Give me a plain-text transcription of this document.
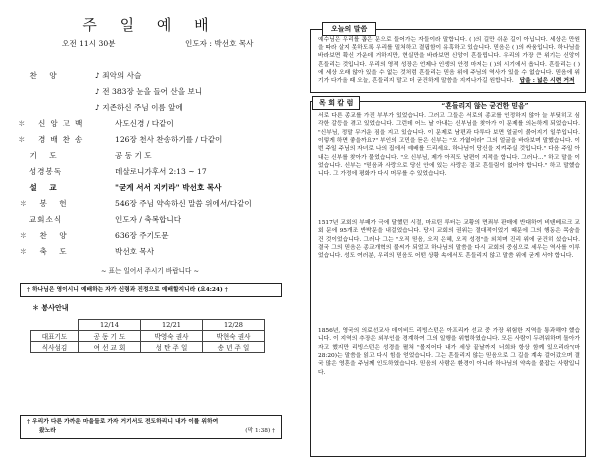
주 일 예 배
오전 11시 30분	인도자 : 박선호 목사
찬 양	♪ 죄악의 사슬
♪ 전 383장 눈을 들어 산을 보니
♪ 지존하신 주님 이름 앞에
✽ 신앙고백	사도신경 / 다같이
✽ 경배찬송	126장 천사 찬송하기를 / 다같이
기 도	공 동 기 도
성경봉독	데살로니가후서 2:13 ~ 17
설 교	"굳게 서서 지키라" 박선호 목사
✽ 봉 헌	546장 주님 약속하신 말씀 위에서/다같이
교회소식	인도자 / 축복합니다
✽ 찬 양	636장 주기도문
✽ 축 도	박선호 목사
~ 표는 일어서 주시기 바랍니다 ~
† 하나님은 영이시니 예배하는 자가 신령과 진정으로 예배할지니라 (요4:24) †
✽ 봉사안내
	12/14	12/21	12/28
대표기도	공 동 기 도	박영숙 권사	박현숙 권사
식사섬김	여 선 교 회	성 탄 주 일	송 년 주 일
† 우리가 다른 가까운 마을들로 가자 거기서도 전도하리니 내가 이를 위하여
왔노라	(막 1:38) †
오늘의 말씀
예수님은 우리를 좁은 문으로 들어가는 자들이라 말합니다. ( )의 길만 쉬운 길이 아닙니다. 세상은 만원을 따라 살지 못하도록 우리를 밀쳐하고 결핍함이 유혹하고 있습니다. 믿음은 ( )의 싸움입니다. 하나님을 바라보면 확신 가운데 거하지만, 현실만을 바라보면 신앙이 흔들립니다. 우리의 가장 큰 위기는 신앙이 흔들리는 것입니다. 우리의 영적 성장은 언제나 인생의 안정 마저는 ( )의 시기에서 옵니다. 흔들리는 ( )에 세상 오래 않아 있을 수 없는 것처럼 흔들리는 믿음 위에 주님의 역사가 있을 수 없습니다. 믿음에 위기가 다가올 때 오늘, 흔들리지 말고 더 굳건하게 말씀을 지켜나가길 원합니다. 답을 : 넓은 시련 거저
목 회 칼 럼	“흔들리지 않는 굳건한 믿음”
서로 다른 종교를 가진 부부가 있었습니다. 그러고 그들은 서로의 종교를 인정하지 않아 늘 부딪히고 심각한 갈등을 겪고 있었습니다. 그런데 어느 날 아내는 신부님을 찾아가 이 문제를 의논하게 되었습니다. "신부님, 정말 무거운 짐을 지고 있습니다. 이 문제로 남편과 다투다 보면 얼굴이 붉어지기 일쑤입니다. 이렇게 하면 좋을까요?" 부인의 고민을 듣은 신부는 "오 가엾어라" 그의 얼굴을 바라보며 말했습니다. 이번 주일 주님의 자녀로 나의 집에서 예배를 드리세요. 하나님이 당신을 지켜주실 것입니다." 다음 주일 아내는 신부를 찾아가 물었습니다. "오 신부님, 제가 아직도 남편이 지적을 합니다. 그러나..." 하고 말을 이었습니다. 신부는 "믿음과 사랑으로 당신 안에 있는 사랑은 결코 흔들림이 없어야 합니다." 하고 말했습니다. 그 가정에 평화가 다시 머무를 수 있었습니다.
1517년 교회의 부패가 극에 달했던 시절, 마르틴 루터는 교황의 면죄부 판매에 반대하여 비텐베르크 교회 문에 95개조 반박문을 내걸었습니다. 당시 교회의 권위는 절대적이었기 때문에 그의 행동은 목숨을 건 것이었습니다. 그러나 그는 "오직 믿음, 오직 은혜, 오직 성경"을 외치며 진리 위에 굳건히 섰습니다. 결국 그의 믿음은 종교개혁의 불씨가 되었고 하나님의 말씀을 다시 교회의 중심으로 세우는 역사를 이루었습니다. 성도 여러분, 우리의 믿음도 어떤 상황 속에서도 흔들리지 않고 말씀 위에 굳게 서야 합니다.
1856년, 영국의 의료선교사 데이비드 리빙스턴은 아프리카 선교 중 가장 위험한 지역을 통과해야 했습니다. 이 지역의 추장은 외부인을 경계하여 그의 일행을 위협하였습니다. 모든 사람이 두려워하며 돌아가자고 했지만 리빙스턴은 성경을 펼쳐 "볼지어다 내가 세상 끝날까지 너희와 항상 함께 있으리라"(마 28:20)는 말씀을 읽고 다시 힘을 얻었습니다. 그는 흔들리지 않는 믿음으로 그 길을 계속 걸어갔으며 결국 많은 영혼을 주님께 인도하였습니다. 믿음의 사람은 환경이 아니라 하나님의 약속을 붙잡는 사람입니다.
